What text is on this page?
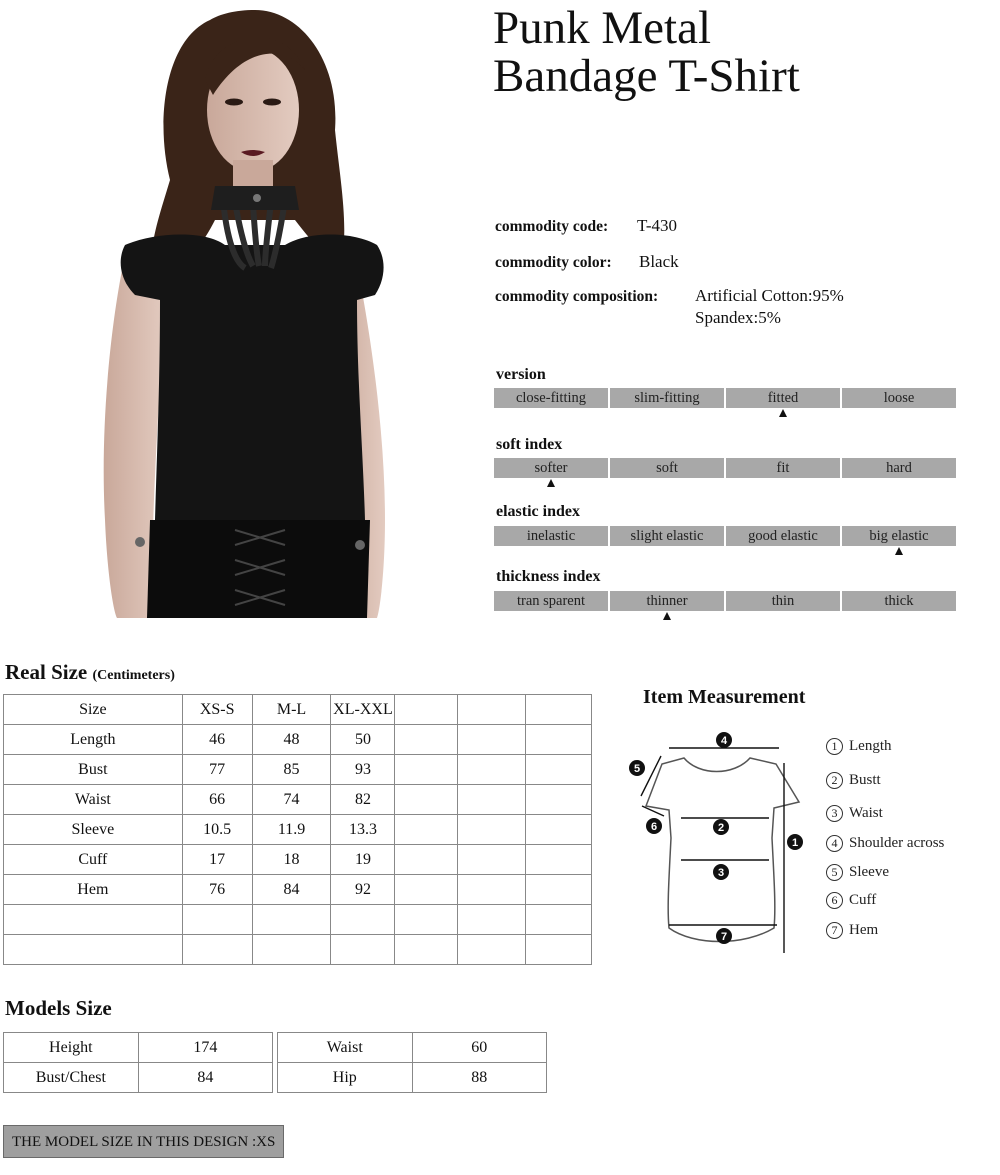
Punk Metal
Bandage T-Shirt
commodity code: T-430
commodity color: Black
commodity composition: Artificial Cotton:95%
Spandex:5%
version
close-fitting	slim-fitting	fitted	loose
soft index
softer	soft	fit	hard
elastic index
inelastic	slight elastic	good elastic	big elastic
thickness index
tran sparent	thinner	thin	thick
Real Size (Centimeters)
Size	XS-S	M-L	XL-XXL			
Length	46	48	50			
Bust	77	85	93			
Waist	66	74	82			
Sleeve	10.5	11.9	13.3			
Cuff	17	18	19			
Hem	76	84	92			

Item Measurement
4
2
3
7
1
5
6
1 Length
2 Bustt
3 Waist
4 Shoulder across
5 Sleeve
6 Cuff
7 Hem
Models Size
Height	174
Bust/Chest	84
Waist	60
Hip	88
THE MODEL SIZE IN THIS DESIGN :XS
